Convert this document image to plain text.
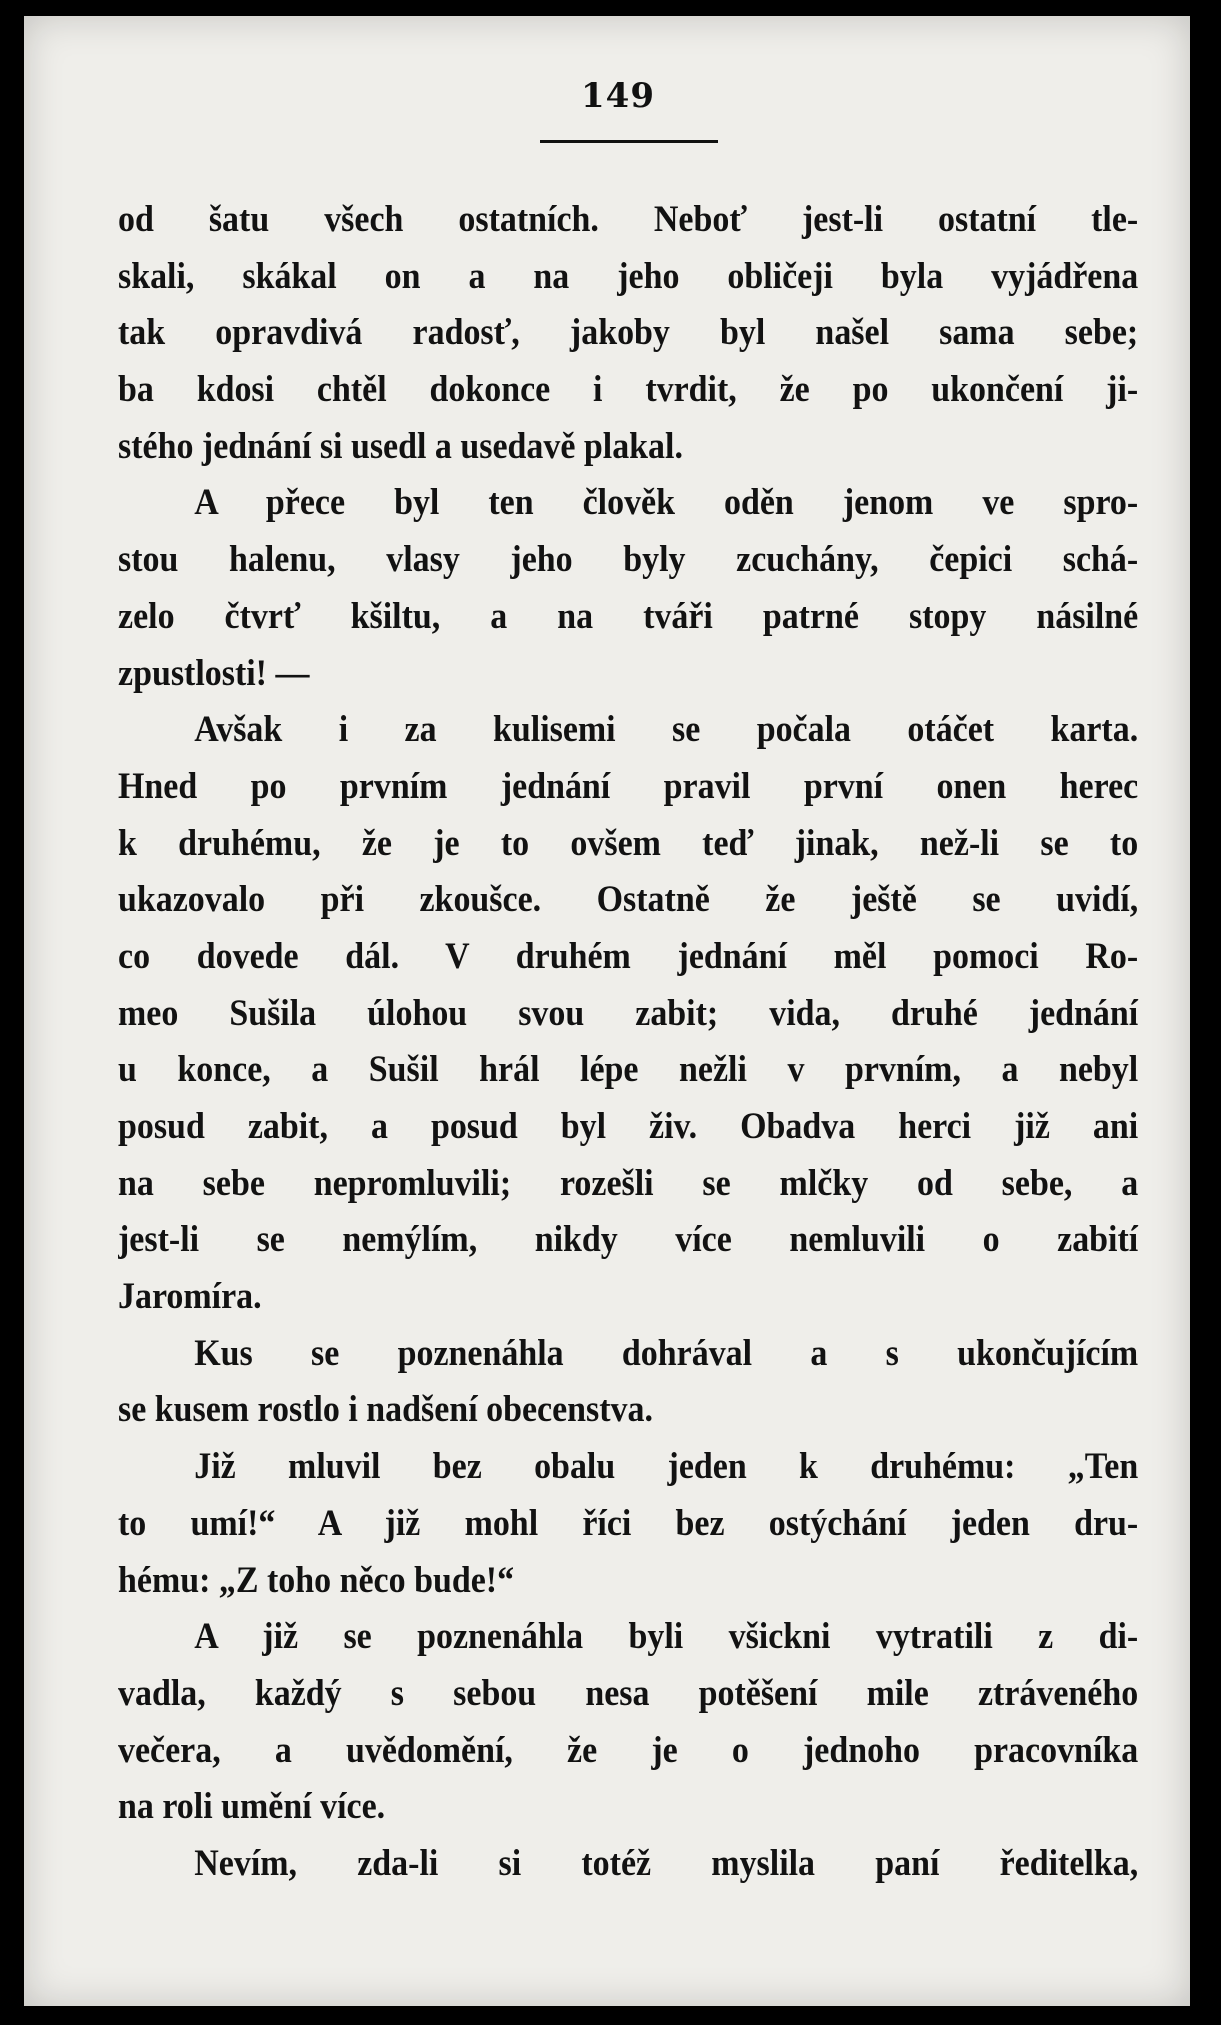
149
od šatu všech ostatních. Neboť jest-li ostatní tle-
skali, skákal on a na jeho obličeji byla vyjádřena
tak opravdivá radosť, jakoby byl našel sama sebe;
ba kdosi chtěl dokonce i tvrdit, že po ukončení ji-
stého jednání si usedl a usedavě plakal.
A přece byl ten člověk oděn jenom ve spro-
stou halenu, vlasy jeho byly zcuchány, čepici schá-
zelo čtvrť kšiltu, a na tváři patrné stopy násilné
zpustlosti! —
Avšak i za kulisemi se počala otáčet karta.
Hned po prvním jednání pravil první onen herec
k druhému, že je to ovšem teď jinak, než-li se to
ukazovalo při zkoušce. Ostatně že ještě se uvidí,
co dovede dál. V druhém jednání měl pomoci Ro-
meo Sušila úlohou svou zabit; vida, druhé jednání
u konce, a Sušil hrál lépe nežli v prvním, a nebyl
posud zabit, a posud byl živ. Obadva herci již ani
na sebe nepromluvili; rozešli se mlčky od sebe, a
jest-li se nemýlím, nikdy více nemluvili o zabití
Jaromíra.
Kus se poznenáhla dohrával a s ukončujícím
se kusem rostlo i nadšení obecenstva.
Již mluvil bez obalu jeden k druhému: „Ten
to umí!“ A již mohl říci bez ostýchání jeden dru-
hému: „Z toho něco bude!“
A již se poznenáhla byli všickni vytratili z di-
vadla, každý s sebou nesa potěšení mile ztráveného
večera, a uvědomění, že je o jednoho pracovníka
na roli umění více.
Nevím, zda-li si totéž myslila paní ředitelka,
